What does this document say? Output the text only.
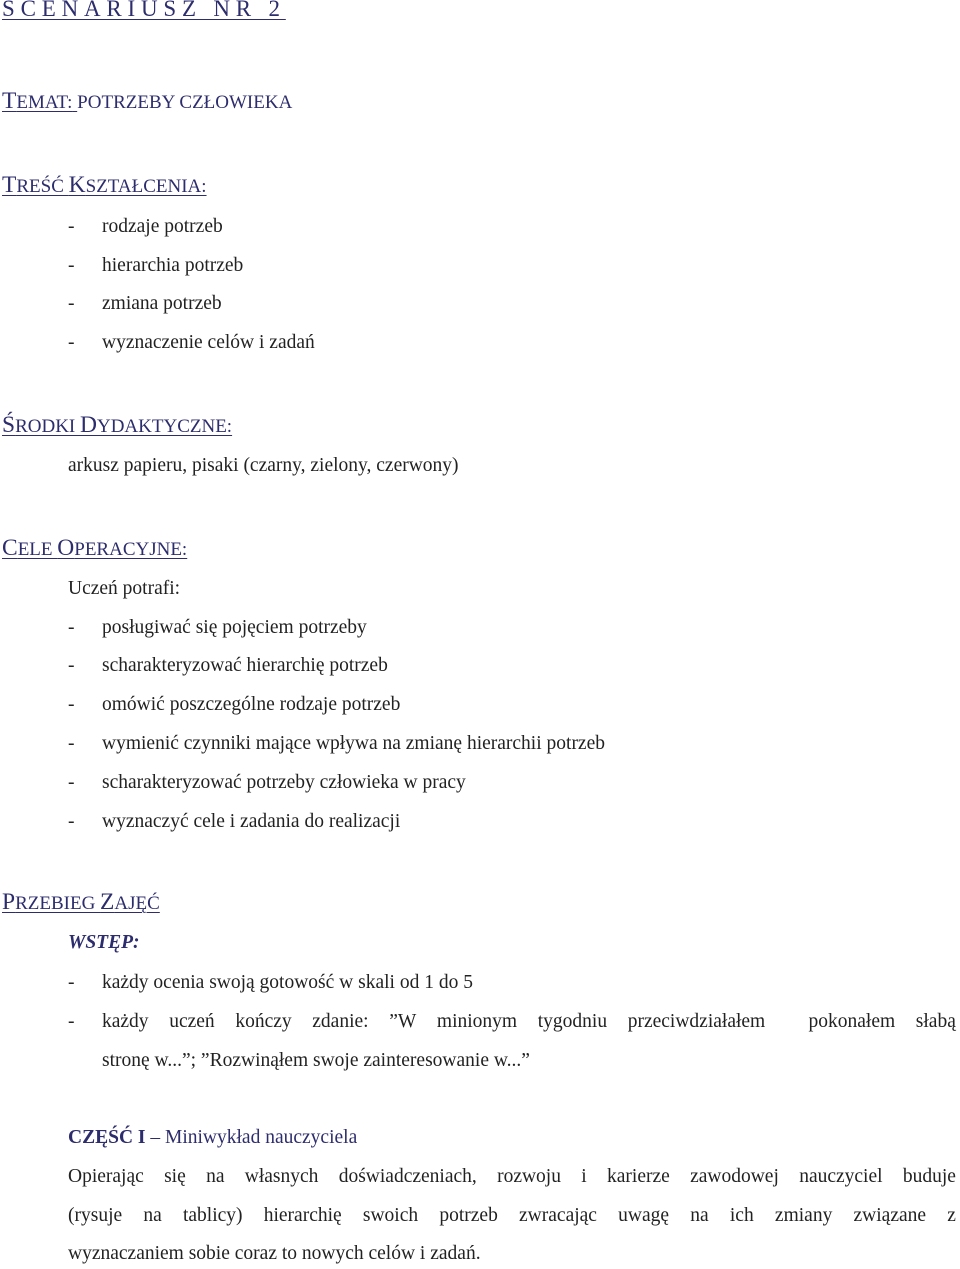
SCENARIUSZ NR 2
TEMAT: POTRZEBY CZŁOWIEKA
TREŚĆ KSZTAŁCENIA:
- rodzaje potrzeb
- hierarchia potrzeb
- zmiana potrzeb
- wyznaczenie celów i zadań
ŚRODKI DYDAKTYCZNE:
arkusz papieru, pisaki (czarny, zielony, czerwony)
CELE OPERACYJNE:
Uczeń potrafi:
- posługiwać się pojęciem potrzeby
- scharakteryzować hierarchię potrzeb
- omówić poszczególne rodzaje potrzeb
- wymienić czynniki mające wpływa na zmianę hierarchii potrzeb
- scharakteryzować potrzeby człowieka w pracy
- wyznaczyć cele i zadania do realizacji
PRZEBIEG ZAJĘĆ
WSTĘP:
- każdy ocenia swoją gotowość w skali od 1 do 5
- każdy uczeń kończy zdanie: ”W minionym tygodniu przeciwdziałałem pokonałem słabą
stronę w...”; ”Rozwinąłem swoje zainteresowanie w...”
CZĘŚĆ I – Miniwykład nauczyciela
Opierając się na własnych doświadczeniach, rozwoju i karierze zawodowej nauczyciel buduje
(rysuje na tablicy) hierarchię swoich potrzeb zwracając uwagę na ich zmiany związane z
wyznaczaniem sobie coraz to nowych celów i zadań.
